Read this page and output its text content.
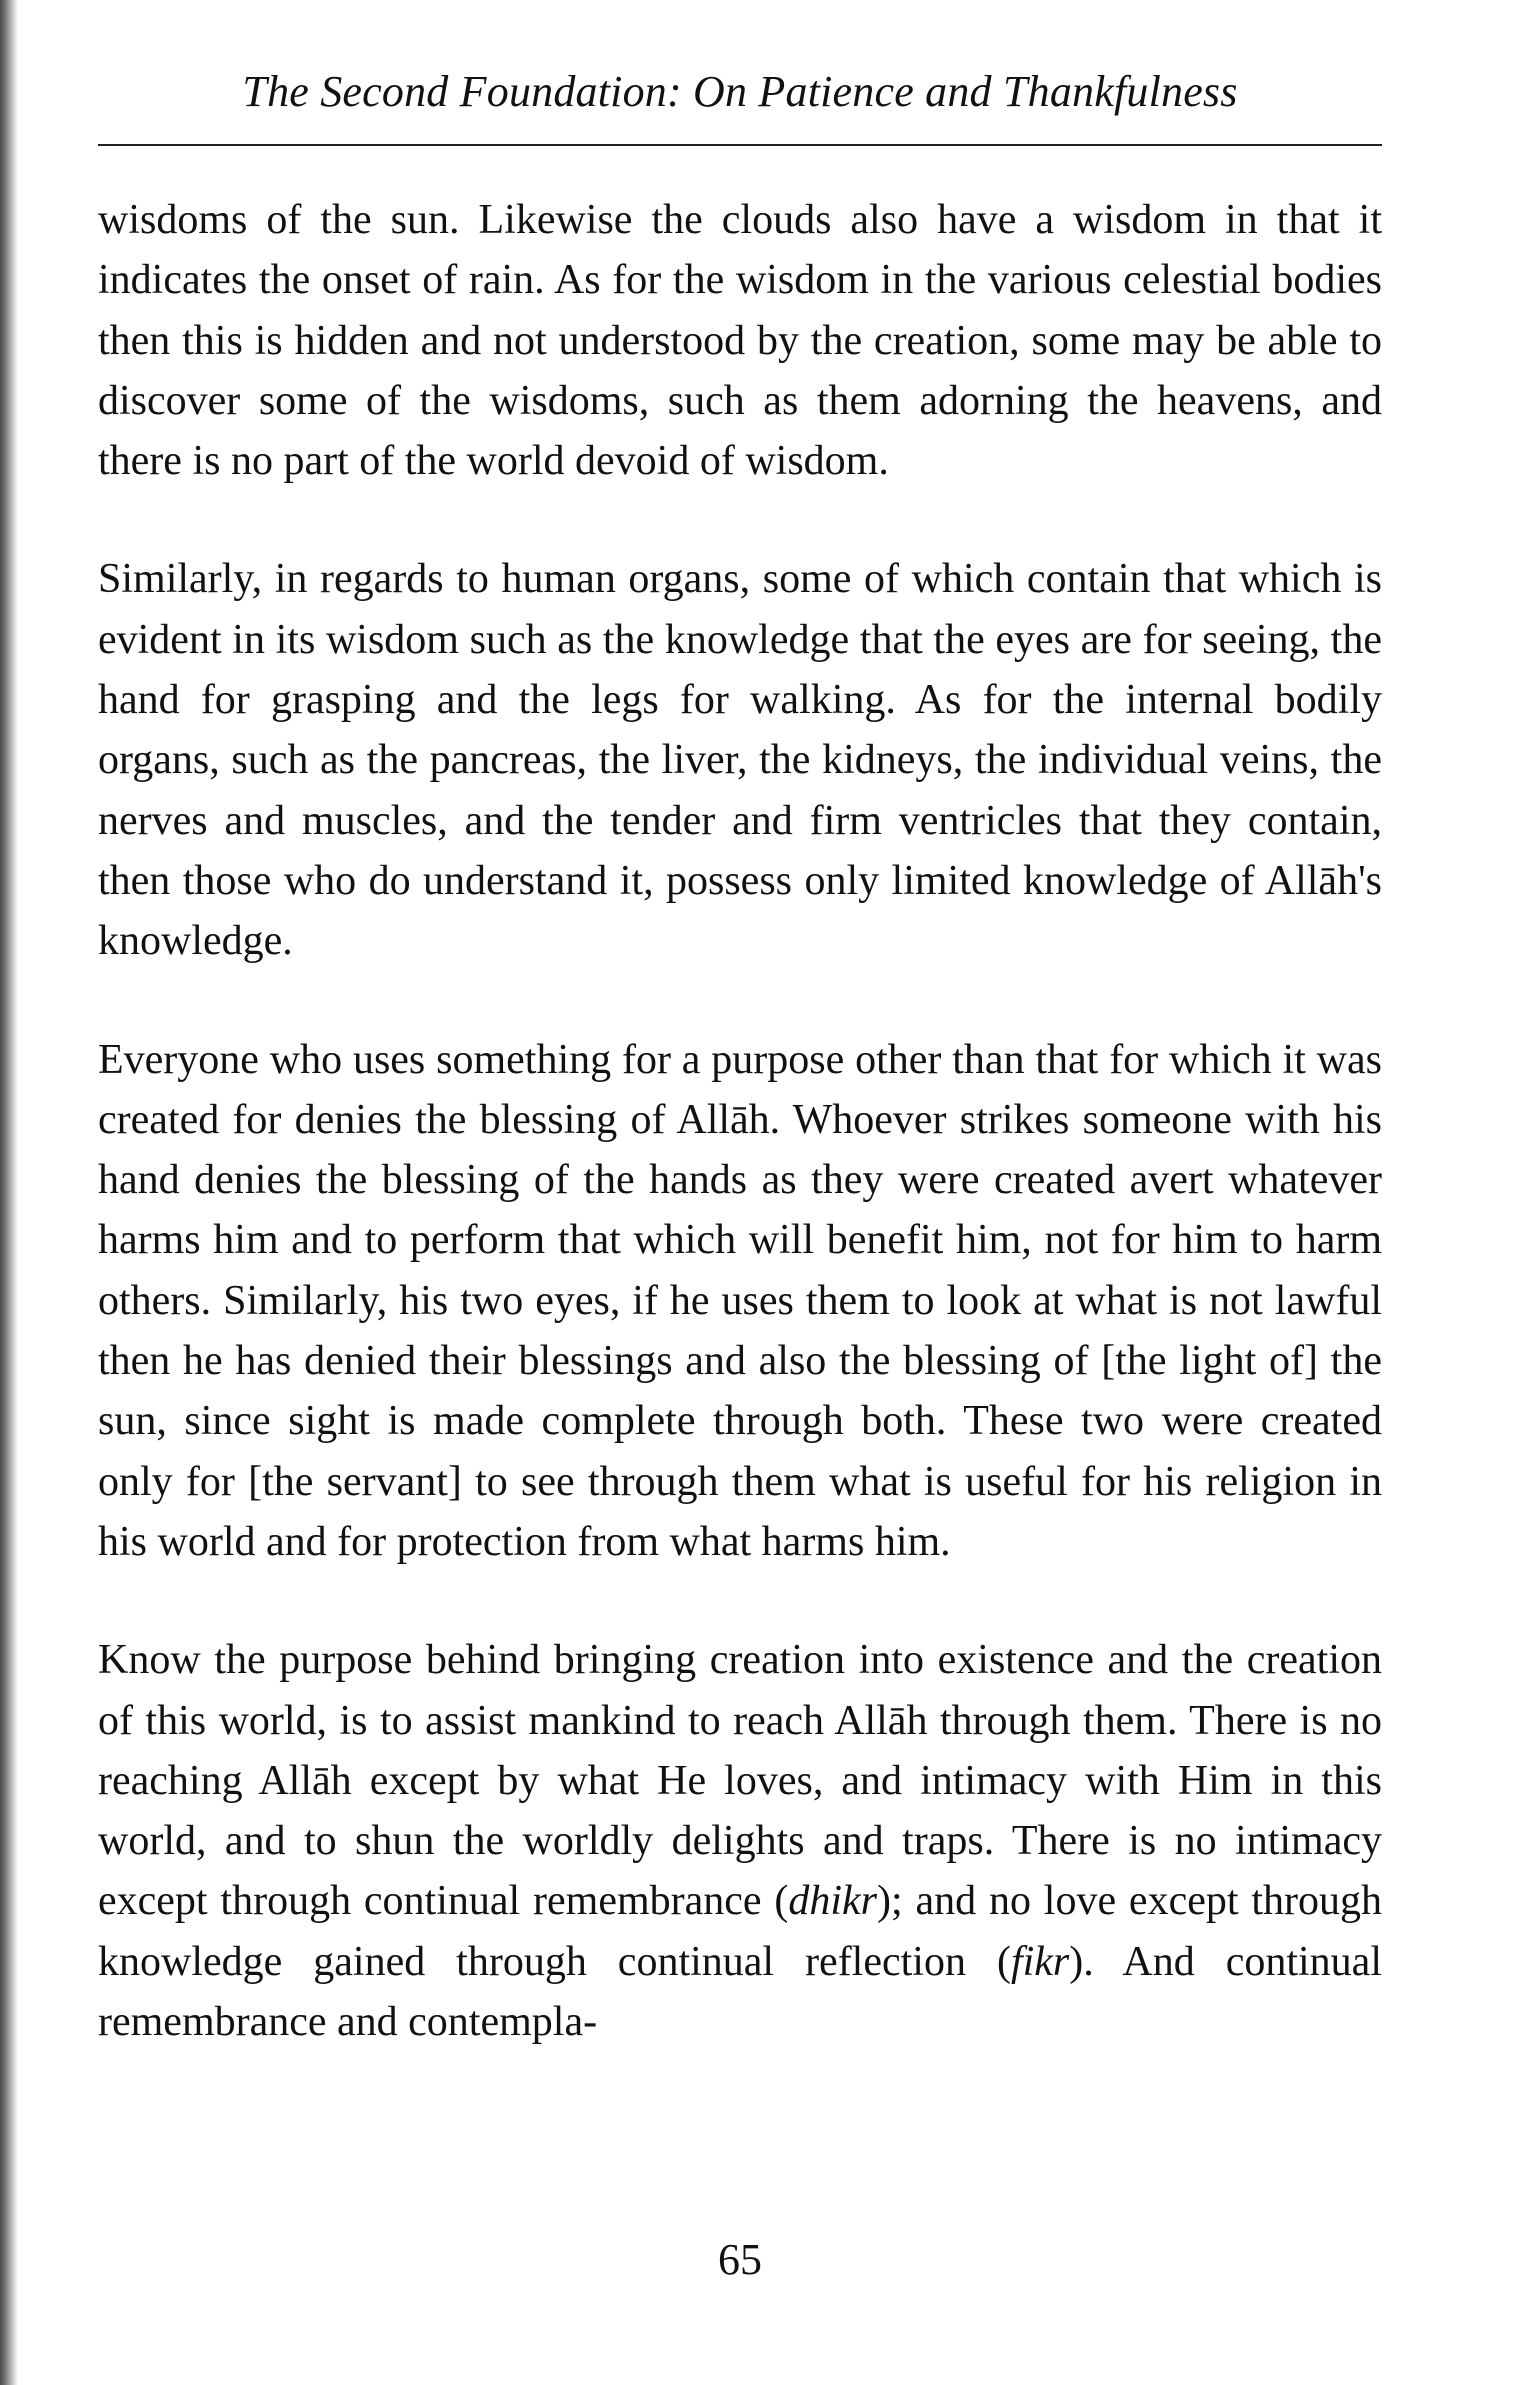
The Second Foundation: On Patience and Thankfulness

wisdoms of the sun. Likewise the clouds also have a wisdom in that it indicates the onset of rain. As for the wisdom in the various celestial bodies then this is hidden and not understood by the creation, some may be able to discover some of the wisdoms, such as them adorning the heavens, and there is no part of the world devoid of wisdom.

Similarly, in regards to human organs, some of which contain that which is evident in its wisdom such as the knowledge that the eyes are for seeing, the hand for grasping and the legs for walking. As for the internal bodily organs, such as the pancreas, the liver, the kidneys, the individual veins, the nerves and muscles, and the tender and firm ventricles that they contain, then those who do understand it, possess only limited knowledge of Allāh's knowledge.

Everyone who uses something for a purpose other than that for which it was created for denies the blessing of Allāh. Whoever strikes someone with his hand denies the blessing of the hands as they were created avert whatever harms him and to perform that which will benefit him, not for him to harm others. Similarly, his two eyes, if he uses them to look at what is not lawful then he has denied their blessings and also the blessing of [the light of] the sun, since sight is made complete through both. These two were created only for [the servant] to see through them what is useful for his religion in his world and for protection from what harms him.

Know the purpose behind bringing creation into existence and the creation of this world, is to assist mankind to reach Allāh through them. There is no reaching Allāh except by what He loves, and intimacy with Him in this world, and to shun the worldly delights and traps. There is no intimacy except through continual remembrance (dhikr); and no love except through knowledge gained through continual reflection (fikr). And continual remembrance and contempla-

65
